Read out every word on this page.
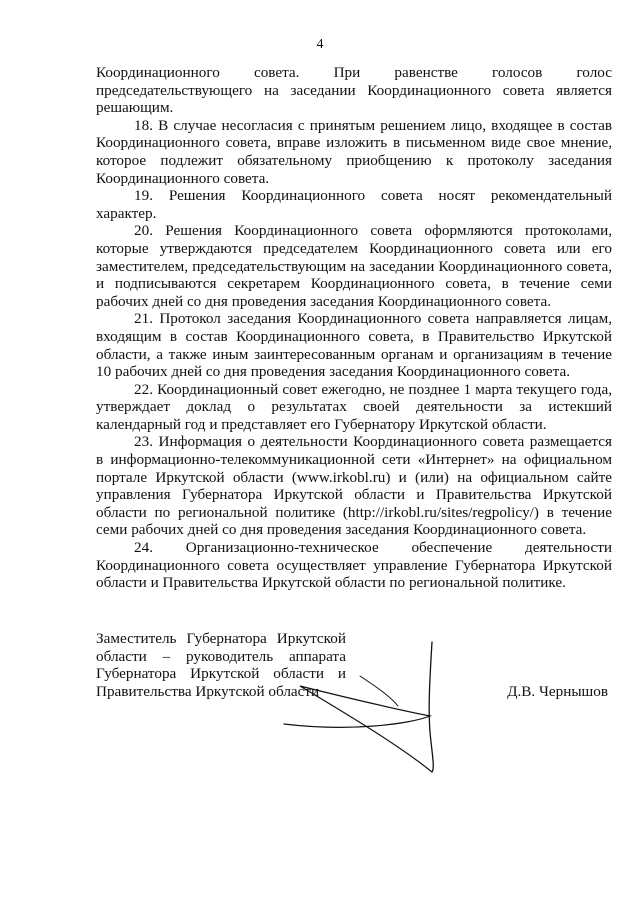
4

Координационного совета. При равенстве голосов голос председательствующего на заседании Координационного совета является решающим.

18. В случае несогласия с принятым решением лицо, входящее в состав Координационного совета, вправе изложить в письменном виде свое мнение, которое подлежит обязательному приобщению к протоколу заседания Координационного совета.

19. Решения Координационного совета носят рекомендательный характер.

20. Решения Координационного совета оформляются протоколами, которые утверждаются председателем Координационного совета или его заместителем, председательствующим на заседании Координационного совета, и подписываются секретарем Координационного совета, в течение семи рабочих дней со дня проведения заседания Координационного совета.

21. Протокол заседания Координационного совета направляется лицам, входящим в состав Координационного совета, в Правительство Иркутской области, а также иным заинтересованным органам и организациям в течение 10 рабочих дней со дня проведения заседания Координационного совета.

22. Координационный совет ежегодно, не позднее 1 марта текущего года, утверждает доклад о результатах своей деятельности за истекший календарный год и представляет его Губернатору Иркутской области.

23. Информация о деятельности Координационного совета размещается в информационно-телекоммуникационной сети «Интернет» на официальном портале Иркутской области (www.irkobl.ru) и (или) на официальном сайте управления Губернатора Иркутской области и Правительства Иркутской области по региональной политике (http://irkobl.ru/sites/regpolicy/) в течение семи рабочих дней со дня проведения заседания Координационного совета.

24. Организационно-техническое обеспечение деятельности Координационного совета осуществляет управление Губернатора Иркутской области и Правительства Иркутской области по региональной политике.

Заместитель Губернатора Иркутской области – руководитель аппарата Губернатора Иркутской области и Правительства Иркутской области	Д.В. Чернышов
